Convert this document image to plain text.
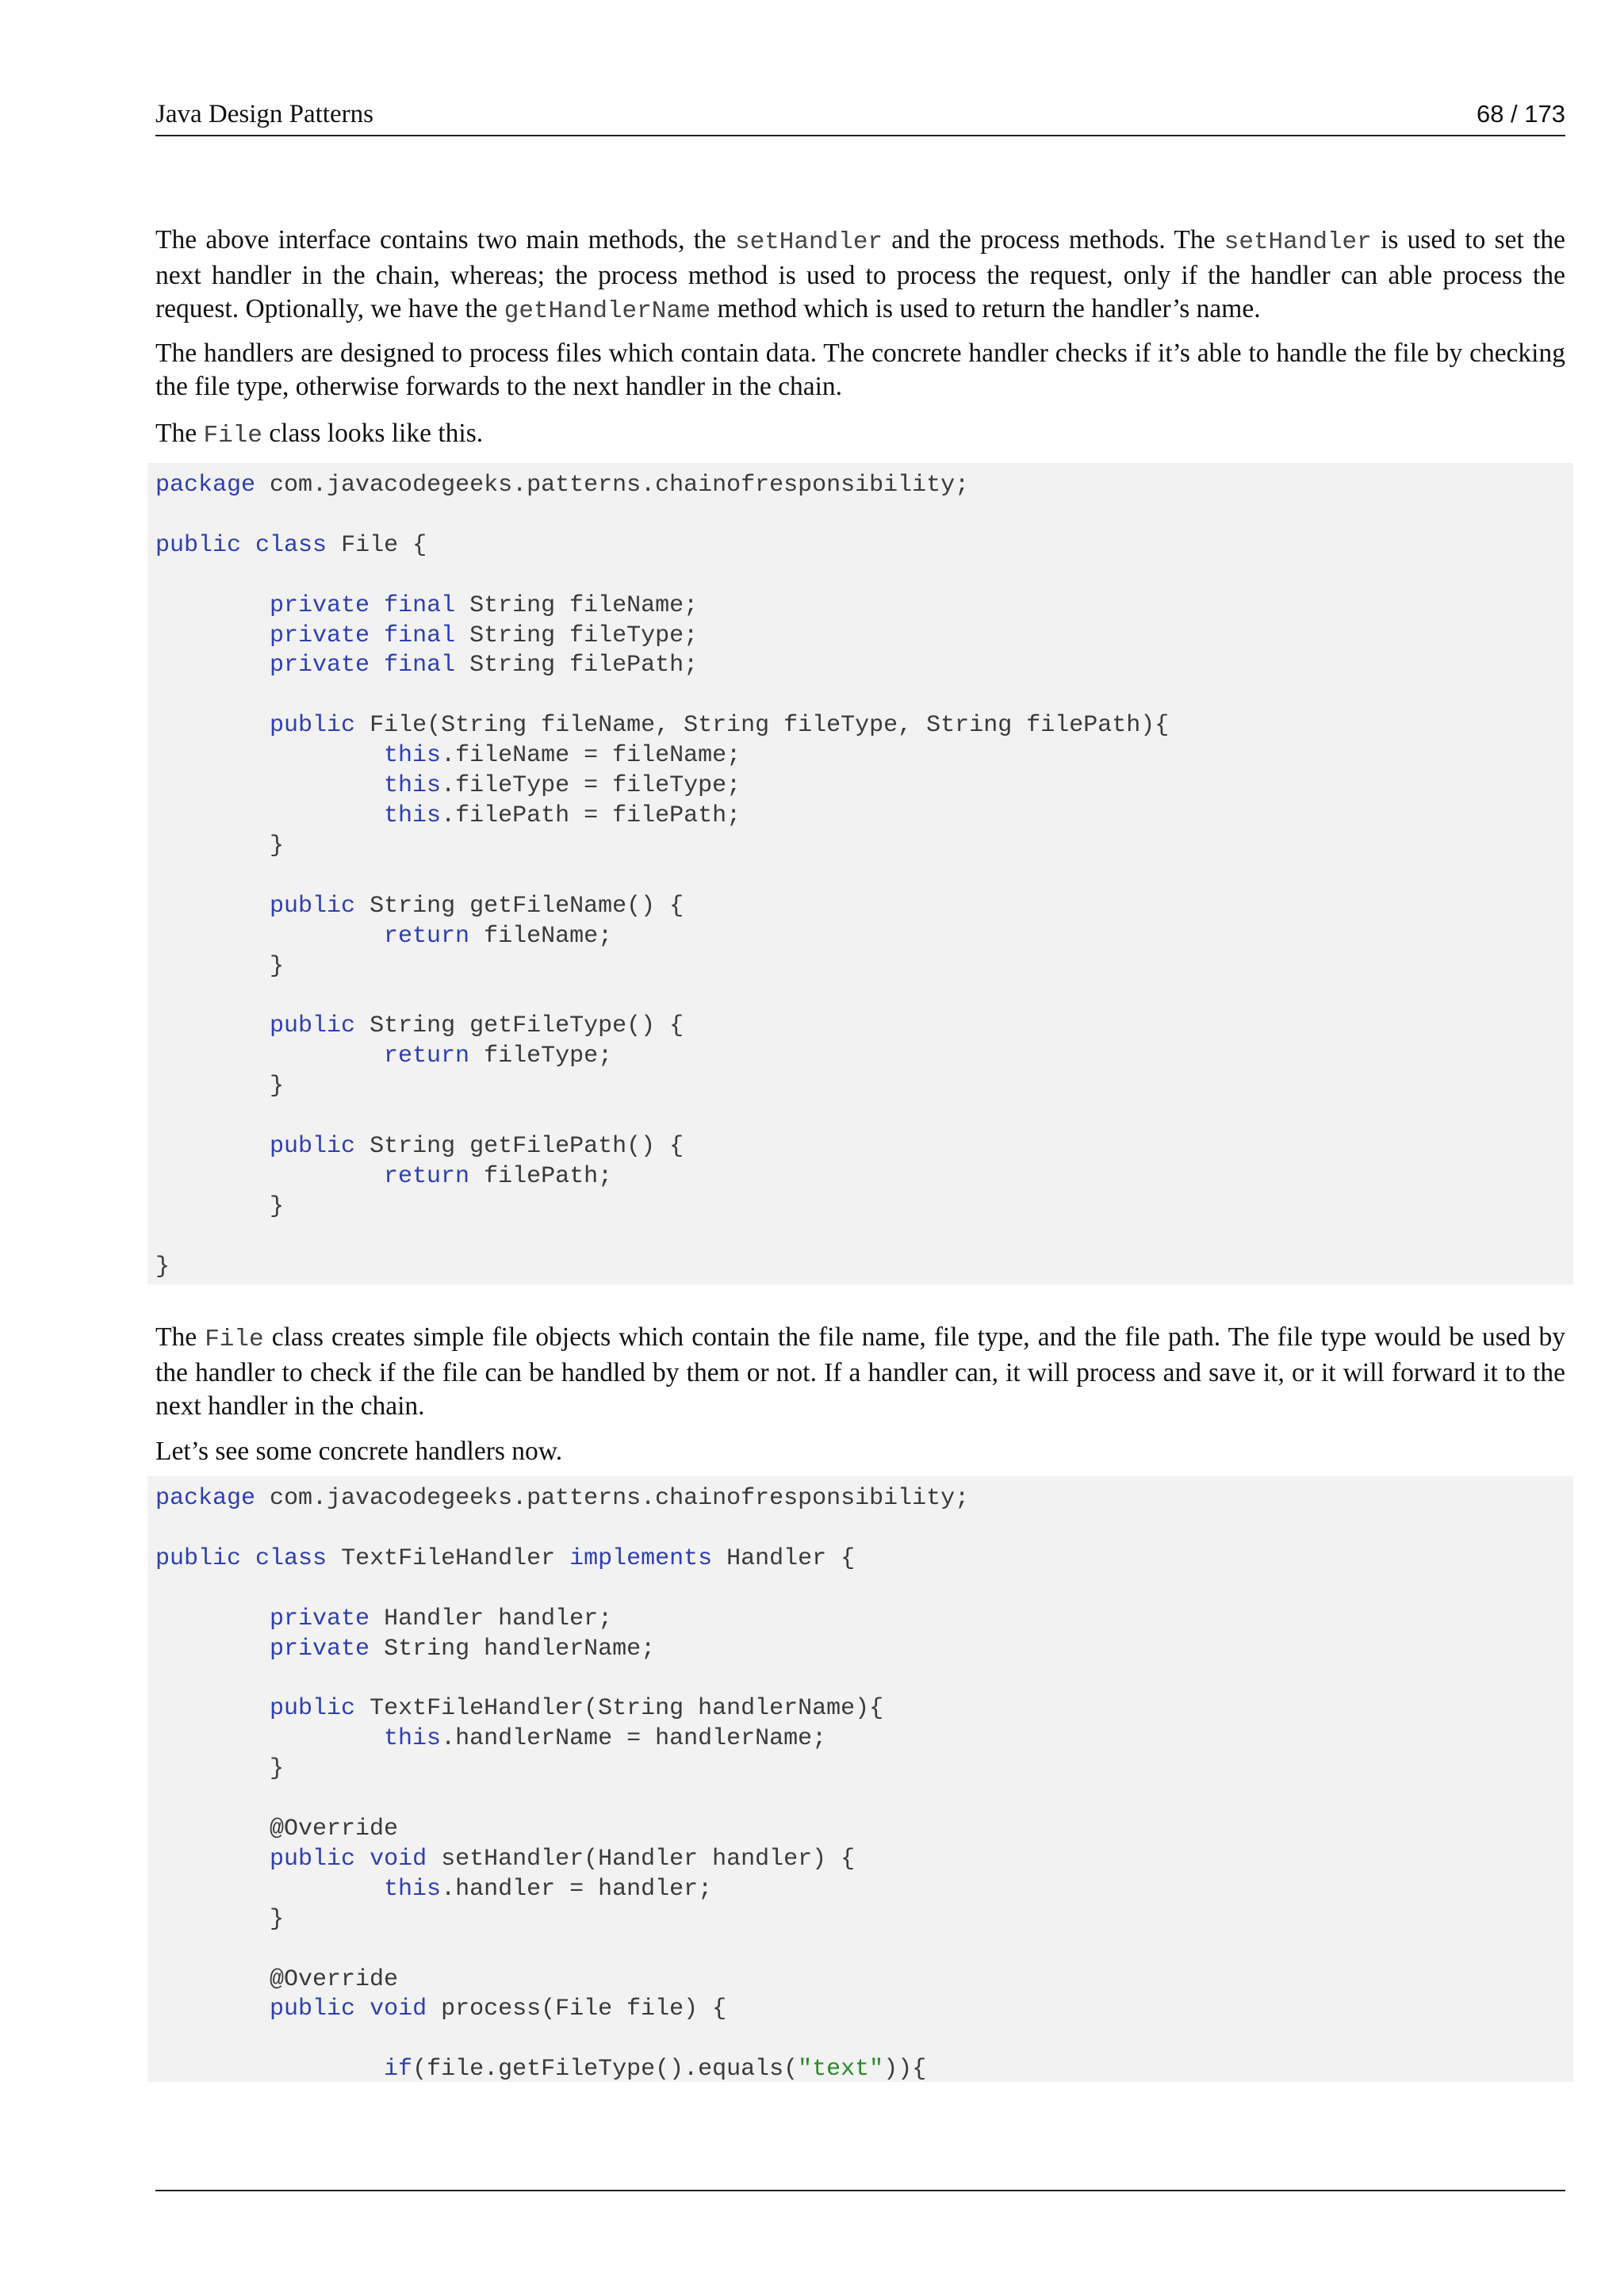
Java Design Patterns	68 / 173

The above interface contains two main methods, the setHandler and the process methods. The setHandler is used to set the next handler in the chain, whereas; the process method is used to process the request, only if the handler can able process the request. Optionally, we have the getHandlerName method which is used to return the handler’s name.

The handlers are designed to process files which contain data. The concrete handler checks if it’s able to handle the file by checking the file type, otherwise forwards to the next handler in the chain.

The File class looks like this.

package com.javacodegeeks.patterns.chainofresponsibility;

public class File {

private final String fileName;
private final String fileType;
private final String filePath;

public File(String fileName, String fileType, String filePath){
this.fileName = fileName;
this.fileType = fileType;
this.filePath = filePath;
}

public String getFileName() {
return fileName;
}

public String getFileType() {
return fileType;
}

public String getFilePath() {
return filePath;
}

}

The File class creates simple file objects which contain the file name, file type, and the file path. The file type would be used by the handler to check if the file can be handled by them or not. If a handler can, it will process and save it, or it will forward it to the next handler in the chain.

Let’s see some concrete handlers now.

package com.javacodegeeks.patterns.chainofresponsibility;

public class TextFileHandler implements Handler {

private Handler handler;
private String handlerName;

public TextFileHandler(String handlerName){
this.handlerName = handlerName;
}

@Override
public void setHandler(Handler handler) {
this.handler = handler;
}

@Override
public void process(File file) {

if(file.getFileType().equals("text")){
